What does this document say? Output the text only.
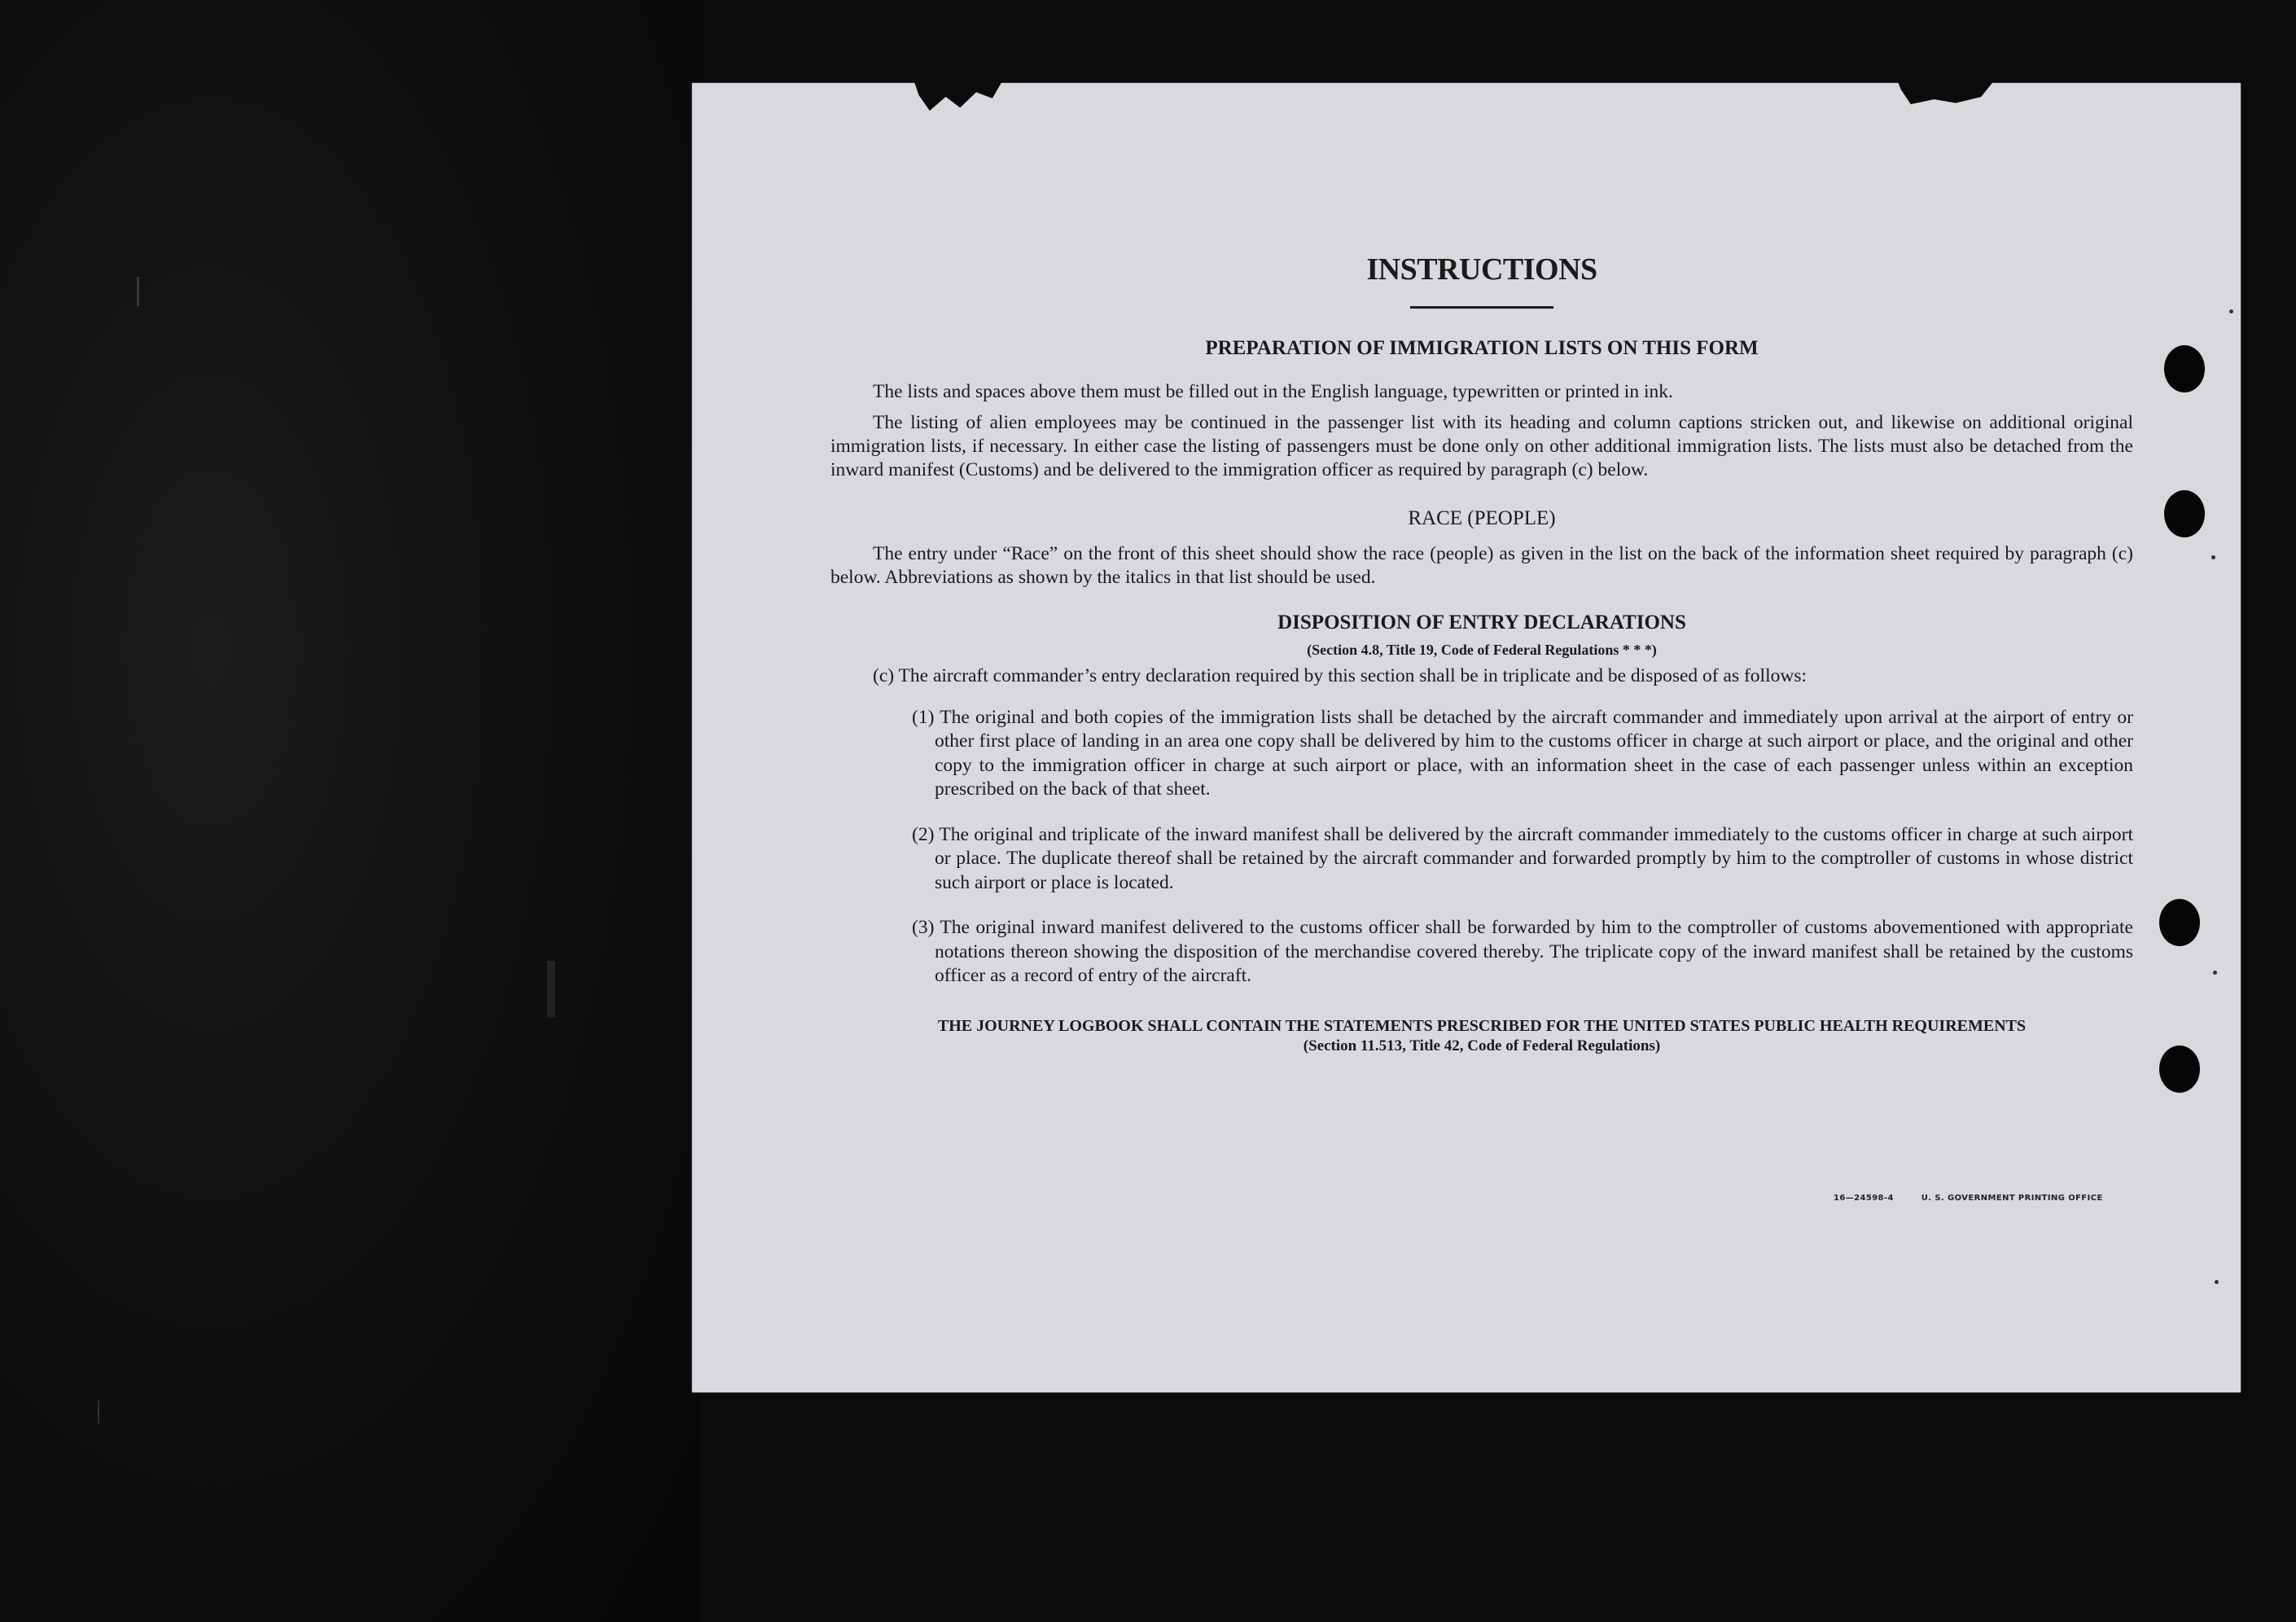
INSTRUCTIONS

PREPARATION OF IMMIGRATION LISTS ON THIS FORM

The lists and spaces above them must be filled out in the English language, typewritten or printed in ink.

The listing of alien employees may be continued in the passenger list with its heading and column captions stricken out, and likewise on additional original immigration lists, if necessary. In either case the listing of passengers must be done only on other additional immigration lists. The lists must also be detached from the inward manifest (Customs) and be delivered to the immigration officer as required by paragraph (c) below.

RACE (PEOPLE)

The entry under “Race” on the front of this sheet should show the race (people) as given in the list on the back of the information sheet required by paragraph (c) below. Abbreviations as shown by the italics in that list should be used.

DISPOSITION OF ENTRY DECLARATIONS

(Section 4.8, Title 19, Code of Federal Regulations * * *)

(c) The aircraft commander’s entry declaration required by this section shall be in triplicate and be disposed of as follows:

(1) The original and both copies of the immigration lists shall be detached by the aircraft commander and immediately upon arrival at the airport of entry or other first place of landing in an area one copy shall be delivered by him to the customs officer in charge at such airport or place, and the original and other copy to the immigration officer in charge at such airport or place, with an information sheet in the case of each passenger unless within an exception prescribed on the back of that sheet.

(2) The original and triplicate of the inward manifest shall be delivered by the aircraft commander immediately to the customs officer in charge at such airport or place. The duplicate thereof shall be retained by the aircraft commander and forwarded promptly by him to the comptroller of customs in whose district such airport or place is located.

(3) The original inward manifest delivered to the customs officer shall be forwarded by him to the comptroller of customs abovementioned with appropriate notations thereon showing the disposition of the merchandise covered thereby. The triplicate copy of the inward manifest shall be retained by the customs officer as a record of entry of the aircraft.

THE JOURNEY LOGBOOK SHALL CONTAIN THE STATEMENTS PRESCRIBED FOR THE UNITED STATES PUBLIC HEALTH REQUIREMENTS

(Section 11.513, Title 42, Code of Federal Regulations)

16—24598-4	U. S. GOVERNMENT PRINTING OFFICE
